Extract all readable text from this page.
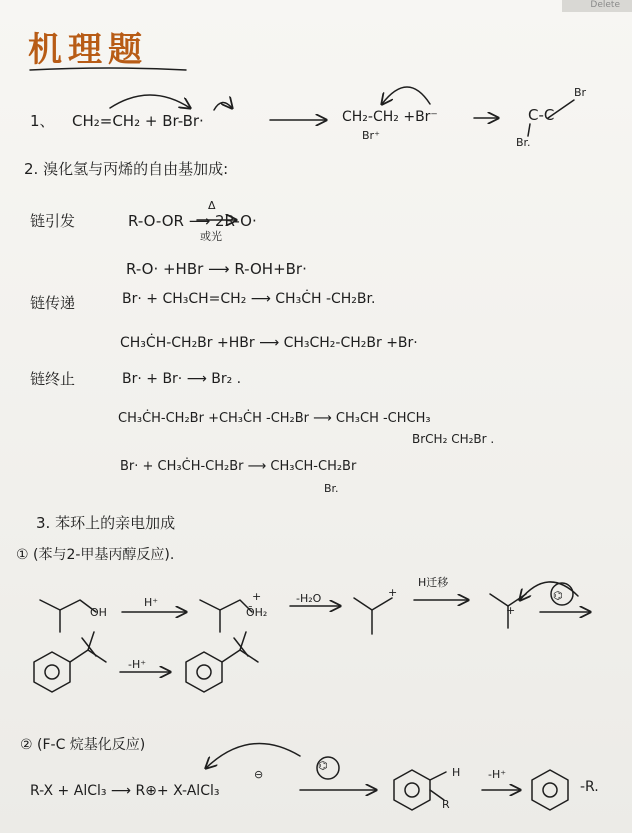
Delete
机理题
1、 CH₂=CH₂ + Br-Br·	CH₂-CH₂ +Br⁻
Br⁺
C-C
Br
Br.
2. 溴化氢与丙烯的自由基加成:
链引发	R-O-OR ⟶ 2R-O·
Δ
或光
R-O· +HBr ⟶ R-OH+Br·
链传递	Br· + CH₃CH=CH₂ ⟶ CH₃ĊH -CH₂Br.
CH₃ĊH-CH₂Br +HBr ⟶ CH₃CH₂-CH₂Br +Br·
链终止	Br· + Br· ⟶ Br₂ .
CH₃ĊH-CH₂Br +CH₃ĊH -CH₂Br ⟶ CH₃CH -CHCH₃
BrCH₂ CH₂Br .
Br· + CH₃ĊH-CH₂Br ⟶ CH₃CH-CH₂Br
Br.
3. 苯环上的亲电加成
① (苯与2-甲基丙醇反应).
OH
H⁺
ŌH₂
+	-H₂O	+
H迁移
+
⌬
-H⁺
② (F-C 烷基化反应)
R-X + AlCl₃ ⟶ R⊕+ X-AlCl₃
⊖
⌬
R
H	-H⁺
-R.
